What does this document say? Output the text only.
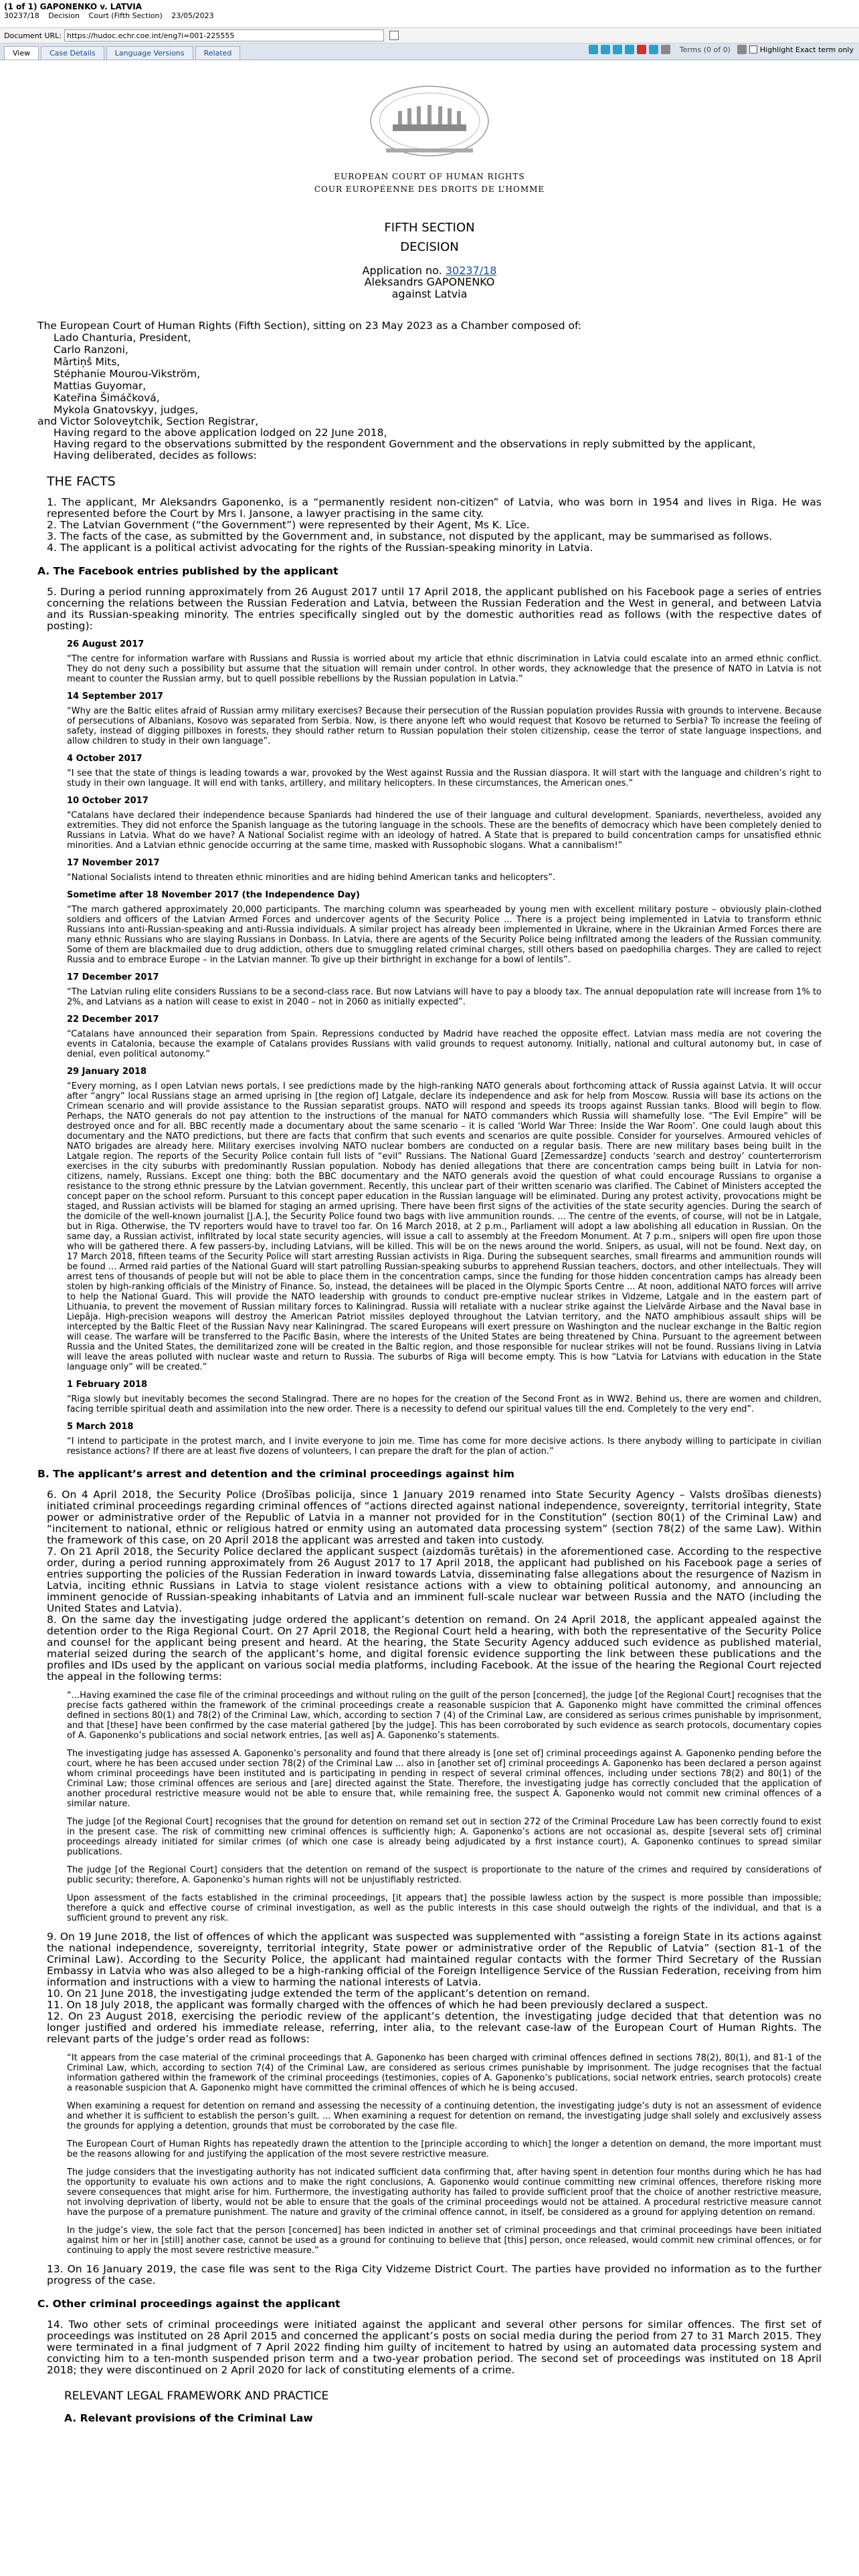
(1 of 1) GAPONENKO v. LATVIA
30237/18 Decision Court (Fifth Section) 23/05/2023
Document URL:
https://hudoc.echr.coe.int/eng?i=001-225555
View	Case Details	Language Versions	Related	Terms (0 of 0)	Highlight Exact term only
EUROPEAN COURT OF HUMAN RIGHTS
COUR EUROPÉENNE DES DROITS DE L’HOMME
FIFTH SECTION
DECISION
Application no. 30237/18
Aleksandrs GAPONENKO
against Latvia

The European Court of Human Rights (Fifth Section), sitting on 23 May 2023 as a Chamber composed of:

Lado Chanturia, President,
Carlo Ranzoni,
Mārtiņš Mits,
Stéphanie Mourou-Vikström,
Mattias Guyomar,
Kateřina Šimáčková,
Mykola Gnatovskyy, judges,
and Victor Soloveytchik, Section Registrar,
Having regard to the above application lodged on 22 June 2018,
Having regard to the observations submitted by the respondent Government and the observations in reply submitted by the applicant,
Having deliberated, decides as follows:
THE FACTS

1. The applicant, Mr Aleksandrs Gaponenko, is a “permanently resident non-citizen” of Latvia, who was born in 1954 and lives in Riga. He was represented before the Court by Mrs I. Jansone, a lawyer practising in the same city.

2. The Latvian Government (“the Government”) were represented by their Agent, Ms K. Līce.

3. The facts of the case, as submitted by the Government and, in substance, not disputed by the applicant, may be summarised as follows.

4. The applicant is a political activist advocating for the rights of the Russian-speaking minority in Latvia.

A. The Facebook entries published by the applicant

5. During a period running approximately from 26 August 2017 until 17 April 2018, the applicant published on his Facebook page a series of entries concerning the relations between the Russian Federation and Latvia, between the Russian Federation and the West in general, and between Latvia and its Russian-speaking minority. The entries specifically singled out by the domestic authorities read as follows (with the respective dates of posting):

26 August 2017

“The centre for information warfare with Russians and Russia is worried about my article that ethnic discrimination in Latvia could escalate into an armed ethnic conflict. They do not deny such a possibility but assume that the situation will remain under control. In other words, they acknowledge that the presence of NATO in Latvia is not meant to counter the Russian army, but to quell possible rebellions by the Russian population in Latvia.”

14 September 2017

“Why are the Baltic elites afraid of Russian army military exercises? Because their persecution of the Russian population provides Russia with grounds to intervene. Because of persecutions of Albanians, Kosovo was separated from Serbia. Now, is there anyone left who would request that Kosovo be returned to Serbia? To increase the feeling of safety, instead of digging pillboxes in forests, they should rather return to Russian population their stolen citizenship, cease the terror of state language inspections, and allow children to study in their own language”.

4 October 2017

“I see that the state of things is leading towards a war, provoked by the West against Russia and the Russian diaspora. It will start with the language and children’s right to study in their own language. It will end with tanks, artillery, and military helicopters. In these circumstances, the American ones.”

10 October 2017

“Catalans have declared their independence because Spaniards had hindered the use of their language and cultural development. Spaniards, nevertheless, avoided any extremities. They did not enforce the Spanish language as the tutoring language in the schools. These are the benefits of democracy which have been completely denied to Russians in Latvia. What do we have? A National Socialist regime with an ideology of hatred. A State that is prepared to build concentration camps for unsatisfied ethnic minorities. And a Latvian ethnic genocide occurring at the same time, masked with Russophobic slogans. What a cannibalism!”

17 November 2017

“National Socialists intend to threaten ethnic minorities and are hiding behind American tanks and helicopters”.

Sometime after 18 November 2017 (the Independence Day)

“The march gathered approximately 20,000 participants. The marching column was spearheaded by young men with excellent military posture – obviously plain-clothed soldiers and officers of the Latvian Armed Forces and undercover agents of the Security Police ... There is a project being implemented in Latvia to transform ethnic Russians into anti-Russian-speaking and anti-Russia individuals. A similar project has already been implemented in Ukraine, where in the Ukrainian Armed Forces there are many ethnic Russians who are slaying Russians in Donbass. In Latvia, there are agents of the Security Police being infiltrated among the leaders of the Russian community. Some of them are blackmailed due to drug addiction, others due to smuggling related criminal charges, still others based on paedophilia charges. They are called to reject Russia and to embrace Europe – in the Latvian manner. To give up their birthright in exchange for a bowl of lentils”.

17 December 2017

“The Latvian ruling elite considers Russians to be a second-class race. But now Latvians will have to pay a bloody tax. The annual depopulation rate will increase from 1% to 2%, and Latvians as a nation will cease to exist in 2040 – not in 2060 as initially expected”.

22 December 2017

“Catalans have announced their separation from Spain. Repressions conducted by Madrid have reached the opposite effect. Latvian mass media are not covering the events in Catalonia, because the example of Catalans provides Russians with valid grounds to request autonomy. Initially, national and cultural autonomy but, in case of denial, even political autonomy.”

29 January 2018

“Every morning, as I open Latvian news portals, I see predictions made by the high-ranking NATO generals about forthcoming attack of Russia against Latvia. It will occur after “angry” local Russians stage an armed uprising in [the region of] Latgale, declare its independence and ask for help from Moscow. Russia will base its actions on the Crimean scenario and will provide assistance to the Russian separatist groups. NATO will respond and speeds its troops against Russian tanks. Blood will begin to flow. Perhaps, the NATO generals do not pay attention to the instructions of the manual for NATO commanders which Russia will shamefully lose. “The Evil Empire” will be destroyed once and for all. BBC recently made a documentary about the same scenario – it is called ‘World War Three: Inside the War Room’. One could laugh about this documentary and the NATO predictions, but there are facts that confirm that such events and scenarios are quite possible. Consider for yourselves. Armoured vehicles of NATO brigades are already here. Military exercises involving NATO nuclear bombers are conducted on a regular basis. There are new military bases being built in the Latgale region. The reports of the Security Police contain full lists of “evil” Russians. The National Guard [Zemessardze] conducts ‘search and destroy’ counterterrorism exercises in the city suburbs with predominantly Russian population. Nobody has denied allegations that there are concentration camps being built in Latvia for non-citizens, namely, Russians. Except one thing: both the BBC documentary and the NATO generals avoid the question of what could encourage Russians to organise a resistance to the strong ethnic pressure by the Latvian government. Recently, this unclear part of their written scenario was clarified. The Cabinet of Ministers accepted the concept paper on the school reform. Pursuant to this concept paper education in the Russian language will be eliminated. During any protest activity, provocations might be staged, and Russian activists will be blamed for staging an armed uprising. There have been first signs of the activities of the state security agencies. During the search of the domicile of the well-known journalist [J.A.], the Security Police found two bags with live ammunition rounds. ... The centre of the events, of course, will not be in Latgale, but in Riga. Otherwise, the TV reporters would have to travel too far. On 16 March 2018, at 2 p.m., Parliament will adopt a law abolishing all education in Russian. On the same day, a Russian activist, infiltrated by local state security agencies, will issue a call to assembly at the Freedom Monument. At 7 p.m., snipers will open fire upon those who will be gathered there. A few passers-by, including Latvians, will be killed. This will be on the news around the world. Snipers, as usual, will not be found. Next day, on 17 March 2018, fifteen teams of the Security Police will start arresting Russian activists in Riga. During the subsequent searches, small firearms and ammunition rounds will be found ... Armed raid parties of the National Guard will start patrolling Russian-speaking suburbs to apprehend Russian teachers, doctors, and other intellectuals. They will arrest tens of thousands of people but will not be able to place them in the concentration camps, since the funding for those hidden concentration camps has already been stolen by high-ranking officials of the Ministry of Finance. So, instead, the detainees will be placed in the Olympic Sports Centre ... At noon, additional NATO forces will arrive to help the National Guard. This will provide the NATO leadership with grounds to conduct pre-emptive nuclear strikes in Vidzeme, Latgale and in the eastern part of Lithuania, to prevent the movement of Russian military forces to Kaliningrad. Russia will retaliate with a nuclear strike against the Lielvārde Airbase and the Naval base in Liepāja. High-precision weapons will destroy the American Patriot missiles deployed throughout the Latvian territory, and the NATO amphibious assault ships will be intercepted by the Baltic Fleet of the Russian Navy near Kaliningrad. The scared Europeans will exert pressure on Washington and the nuclear exchange in the Baltic region will cease. The warfare will be transferred to the Pacific Basin, where the interests of the United States are being threatened by China. Pursuant to the agreement between Russia and the United States, the demilitarized zone will be created in the Baltic region, and those responsible for nuclear strikes will not be found. Russians living in Latvia will leave the areas polluted with nuclear waste and return to Russia. The suburbs of Riga will become empty. This is how “Latvia for Latvians with education in the State language only” will be created.”

1 February 2018

“Riga slowly but inevitably becomes the second Stalingrad. There are no hopes for the creation of the Second Front as in WW2. Behind us, there are women and children, facing terrible spiritual death and assimilation into the new order. There is a necessity to defend our spiritual values till the end. Completely to the very end”.

5 March 2018

“I intend to participate in the protest march, and I invite everyone to join me. Time has come for more decisive actions. Is there anybody willing to participate in civilian resistance actions? If there are at least five dozens of volunteers, I can prepare the draft for the plan of action.”

B. The applicant’s arrest and detention and the criminal proceedings against him

6. On 4 April 2018, the Security Police (Drošības policija, since 1 January 2019 renamed into State Security Agency – Valsts drošības dienests) initiated criminal proceedings regarding criminal offences of “actions directed against national independence, sovereignty, territorial integrity, State power or administrative order of the Republic of Latvia in a manner not provided for in the Constitution” (section 80(1) of the Criminal Law) and “incitement to national, ethnic or religious hatred or enmity using an automated data processing system” (section 78(2) of the same Law). Within the framework of this case, on 20 April 2018 the applicant was arrested and taken into custody.

7. On 21 April 2018, the Security Police declared the applicant suspect (aizdomās turētais) in the aforementioned case. According to the respective order, during a period running approximately from 26 August 2017 to 17 April 2018, the applicant had published on his Facebook page a series of entries supporting the policies of the Russian Federation in inward towards Latvia, disseminating false allegations about the resurgence of Nazism in Latvia, inciting ethnic Russians in Latvia to stage violent resistance actions with a view to obtaining political autonomy, and announcing an imminent genocide of Russian-speaking inhabitants of Latvia and an imminent full-scale nuclear war between Russia and the NATO (including the United States and Latvia).

8. On the same day the investigating judge ordered the applicant’s detention on remand. On 24 April 2018, the applicant appealed against the detention order to the Riga Regional Court. On 27 April 2018, the Regional Court held a hearing, with both the representative of the Security Police and counsel for the applicant being present and heard. At the hearing, the State Security Agency adduced such evidence as published material, material seized during the search of the applicant’s home, and digital forensic evidence supporting the link between these publications and the profiles and IDs used by the applicant on various social media platforms, including Facebook. At the issue of the hearing the Regional Court rejected the appeal in the following terms:

“...Having examined the case file of the criminal proceedings and without ruling on the guilt of the person [concerned], the judge [of the Regional Court] recognises that the precise facts gathered within the framework of the criminal proceedings create a reasonable suspicion that A. Gaponenko might have committed the criminal offences defined in sections 80(1) and 78(2) of the Criminal Law, which, according to section 7 (4) of the Criminal Law, are considered as serious crimes punishable by imprisonment, and that [these] have been confirmed by the case material gathered [by the judge]. This has been corroborated by such evidence as search protocols, documentary copies of A. Gaponenko’s publications and social network entries, [as well as] A. Gaponenko’s statements.

The investigating judge has assessed A. Gaponenko’s personality and found that there already is [one set of] criminal proceedings against A. Gaponenko pending before the court, where he has been accused under section 78(2) of the Criminal Law ... also in [another set of] criminal proceedings A. Gaponenko has been declared a person against whom criminal proceedings have been instituted and is participating in pending in respect of several criminal offences, including under sections 78(2) and 80(1) of the Criminal Law; those criminal offences are serious and [are] directed against the State. Therefore, the investigating judge has correctly concluded that the application of another procedural restrictive measure would not be able to ensure that, while remaining free, the suspect A. Gaponenko would not commit new criminal offences of a similar nature.

The judge [of the Regional Court] recognises that the ground for detention on remand set out in section 272 of the Criminal Procedure Law has been correctly found to exist in the present case. The risk of committing new criminal offences is sufficiently high; A. Gaponenko’s actions are not occasional as, despite [several sets of] criminal proceedings already initiated for similar crimes (of which one case is already being adjudicated by a first instance court), A. Gaponenko continues to spread similar publications.

The judge [of the Regional Court] considers that the detention on remand of the suspect is proportionate to the nature of the crimes and required by considerations of public security; therefore, A. Gaponenko’s human rights will not be unjustifiably restricted.

Upon assessment of the facts established in the criminal proceedings, [it appears that] the possible lawless action by the suspect is more possible than impossible; therefore a quick and effective course of criminal investigation, as well as the public interests in this case should outweigh the rights of the individual, and that is a sufficient ground to prevent any risk.

9. On 19 June 2018, the list of offences of which the applicant was suspected was supplemented with “assisting a foreign State in its actions against the national independence, sovereignty, territorial integrity, State power or administrative order of the Republic of Latvia” (section 81-1 of the Criminal Law). According to the Security Police, the applicant had maintained regular contacts with the former Third Secretary of the Russian Embassy in Latvia who was also alleged to be a high-ranking official of the Foreign Intelligence Service of the Russian Federation, receiving from him information and instructions with a view to harming the national interests of Latvia.

10. On 21 June 2018, the investigating judge extended the term of the applicant’s detention on remand.

11. On 18 July 2018, the applicant was formally charged with the offences of which he had been previously declared a suspect.

12. On 23 August 2018, exercising the periodic review of the applicant’s detention, the investigating judge decided that that detention was no longer justified and ordered his immediate release, referring, inter alia, to the relevant case-law of the European Court of Human Rights. The relevant parts of the judge’s order read as follows:

“It appears from the case material of the criminal proceedings that A. Gaponenko has been charged with criminal offences defined in sections 78(2), 80(1), and 81-1 of the Criminal Law, which, according to section 7(4) of the Criminal Law, are considered as serious crimes punishable by imprisonment. The judge recognises that the factual information gathered within the framework of the criminal proceedings (testimonies, copies of A. Gaponenko’s publications, social network entries, search protocols) create a reasonable suspicion that A. Gaponenko might have committed the criminal offences of which he is being accused.

When examining a request for detention on remand and assessing the necessity of a continuing detention, the investigating judge’s duty is not an assessment of evidence and whether it is sufficient to establish the person’s guilt. ... When examining a request for detention on remand, the investigating judge shall solely and exclusively assess the grounds for applying a detention, grounds that must be corroborated by the case file.

The European Court of Human Rights has repeatedly drawn the attention to the [principle according to which] the longer a detention on demand, the more important must be the reasons allowing for and justifying the application of the most severe restrictive measure.

The judge considers that the investigating authority has not indicated sufficient data confirming that, after having spent in detention four months during which he has had the opportunity to evaluate his own actions and to make the right conclusions, A. Gaponenko would continue committing new criminal offences, therefore risking more severe consequences that might arise for him. Furthermore, the investigating authority has failed to provide sufficient proof that the choice of another restrictive measure, not involving deprivation of liberty, would not be able to ensure that the goals of the criminal proceedings would not be attained. A procedural restrictive measure cannot have the purpose of a premature punishment. The nature and gravity of the criminal offence cannot, in itself, be considered as a ground for applying detention on remand.

In the judge’s view, the sole fact that the person [concerned] has been indicted in another set of criminal proceedings and that criminal proceedings have been initiated against him or her in [still] another case, cannot be used as a ground for continuing to believe that [this] person, once released, would commit new criminal offences, or for continuing to apply the most severe restrictive measure.”

13. On 16 January 2019, the case file was sent to the Riga City Vidzeme District Court. The parties have provided no information as to the further progress of the case.

C. Other criminal proceedings against the applicant

14. Two other sets of criminal proceedings were initiated against the applicant and several other persons for similar offences. The first set of proceedings was instituted on 28 April 2015 and concerned the applicant’s posts on social media during the period from 27 to 31 March 2015. They were terminated in a final judgment of 7 April 2022 finding him guilty of incitement to hatred by using an automated data processing system and convicting him to a ten-month suspended prison term and a two-year probation period. The second set of proceedings was instituted on 18 April 2018; they were discontinued on 2 April 2020 for lack of constituting elements of a crime.

RELEVANT LEGAL FRAMEWORK AND PRACTICE
A. Relevant provisions of the Criminal Law
